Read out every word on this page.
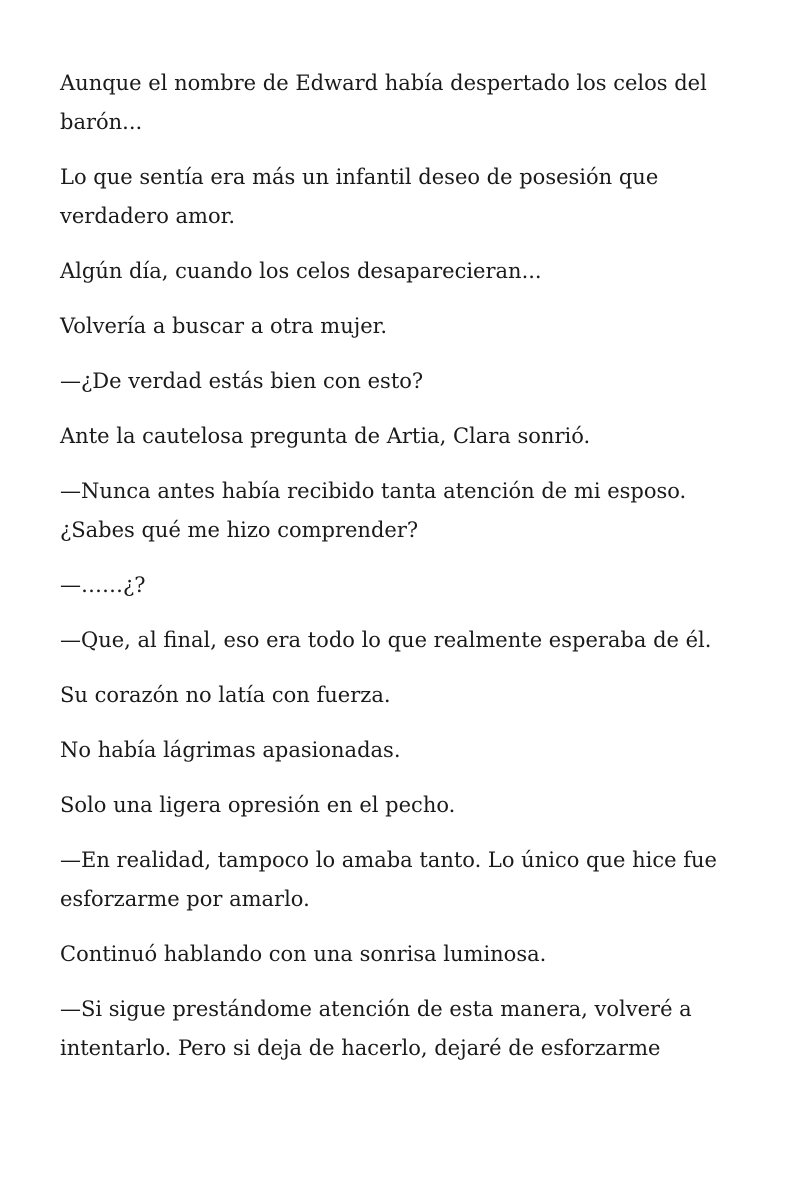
Aunque el nombre de Edward había despertado los celos del barón...

Lo que sentía era más un infantil deseo de posesión que verdadero amor.

Algún día, cuando los celos desaparecieran...

Volvería a buscar a otra mujer.

—¿De verdad estás bien con esto?

Ante la cautelosa pregunta de Artia, Clara sonrió.

—Nunca antes había recibido tanta atención de mi esposo. ¿Sabes qué me hizo comprender?

—……¿?

—Que, al final, eso era todo lo que realmente esperaba de él.

Su corazón no latía con fuerza.

No había lágrimas apasionadas.

Solo una ligera opresión en el pecho.

—En realidad, tampoco lo amaba tanto. Lo único que hice fue esforzarme por amarlo.

Continuó hablando con una sonrisa luminosa.

—Si sigue prestándome atención de esta manera, volveré a intentarlo. Pero si deja de hacerlo, dejaré de esforzarme
